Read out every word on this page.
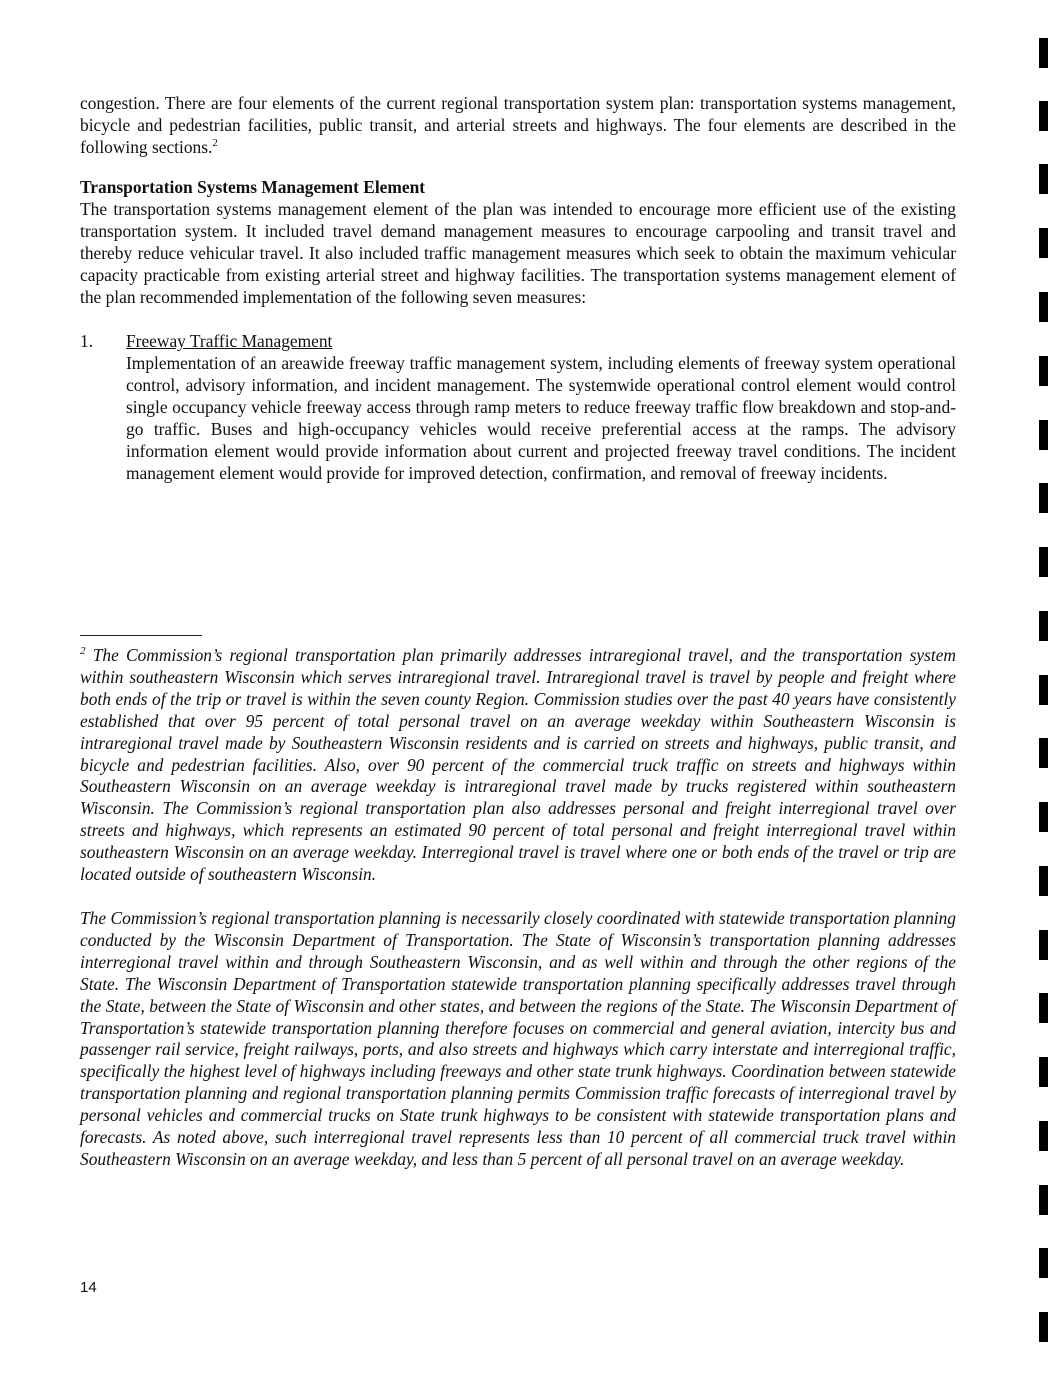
congestion. There are four elements of the current regional transportation system plan: transportation systems management, bicycle and pedestrian facilities, public transit, and arterial streets and highways. The four elements are described in the following sections.$^2$

Transportation Systems Management Element

The transportation systems management element of the plan was intended to encourage more efficient use of the existing transportation system. It included travel demand management measures to encourage carpooling and transit travel and thereby reduce vehicular travel. It also included traffic management measures which seek to obtain the maximum vehicular capacity practicable from existing arterial street and highway facilities. The transportation systems management element of the plan recommended implementation of the following seven measures:

1.	Freeway Traffic Management

Implementation of an areawide freeway traffic management system, including elements of freeway system operational control, advisory information, and incident management. The systemwide operational control element would control single occupancy vehicle freeway access through ramp meters to reduce freeway traffic flow breakdown and stop-and-go traffic. Buses and high-occupancy vehicles would receive preferential access at the ramps. The advisory information element would provide information about current and projected freeway travel conditions. The incident management element would provide for improved detection, confirmation, and removal of freeway incidents.

$^2$ The Commission’s regional transportation plan primarily addresses intraregional travel, and the transportation system within southeastern Wisconsin which serves intraregional travel. Intraregional travel is travel by people and freight where both ends of the trip or travel is within the seven county Region. Commission studies over the past 40 years have consistently established that over 95 percent of total personal travel on an average weekday within Southeastern Wisconsin is intraregional travel made by Southeastern Wisconsin residents and is carried on streets and highways, public transit, and bicycle and pedestrian facilities. Also, over 90 percent of the commercial truck traffic on streets and highways within Southeastern Wisconsin on an average weekday is intraregional travel made by trucks registered within southeastern Wisconsin. The Commission’s regional transportation plan also addresses personal and freight interregional travel over streets and highways, which represents an estimated 90 percent of total personal and freight interregional travel within southeastern Wisconsin on an average weekday. Interregional travel is travel where one or both ends of the travel or trip are located outside of southeastern Wisconsin.

The Commission’s regional transportation planning is necessarily closely coordinated with statewide transportation planning conducted by the Wisconsin Department of Transportation. The State of Wisconsin’s transportation planning addresses interregional travel within and through Southeastern Wisconsin, and as well within and through the other regions of the State. The Wisconsin Department of Transportation statewide transportation planning specifically addresses travel through the State, between the State of Wisconsin and other states, and between the regions of the State. The Wisconsin Department of Transportation’s statewide transportation planning therefore focuses on commercial and general aviation, intercity bus and passenger rail service, freight railways, ports, and also streets and highways which carry interstate and interregional traffic, specifically the highest level of highways including freeways and other state trunk highways. Coordination between statewide transportation planning and regional transportation planning permits Commission traffic forecasts of interregional travel by personal vehicles and commercial trucks on State trunk highways to be consistent with statewide transportation plans and forecasts. As noted above, such interregional travel represents less than 10 percent of all commercial truck travel within Southeastern Wisconsin on an average weekday, and less than 5 percent of all personal travel on an average weekday.

14
